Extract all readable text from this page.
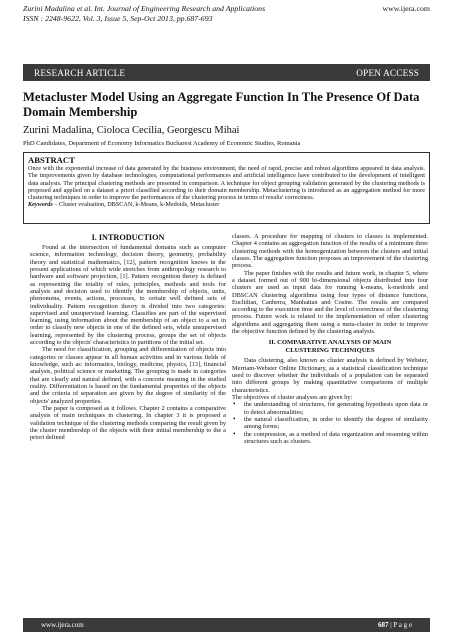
Zurini Madalina et al. Int. Journal of Engineering Research and Applications
ISSN : 2248-9622, Vol. 3, Issue 5, Sep-Oct 2013, pp.687-693
www.ijera.com
RESEARCH ARTICLE	OPEN ACCESS
Metacluster Model Using an Aggregate Function In The Presence Of Data Domain Membership
Zurini Madalina, Cioloca Cecilia, Georgescu Mihai
PhD Candidates, Department of Economy Informatics Bucharest Academy of Economic Studies, Romania
ABSTRACT

Once with the exponential increase of data generated by the business environment, the need of rapid, precise and robust algorithms appeared in data analysis. The improvements given by database technologies, computational performances and artificial intelligence have contributed to the development of intelligent data analysis. The principal clustering methods are presented in comparison. A technique for object grouping validation generated by the clustering methods is proposed and applied on a dataset a priori classified according to their domain membership. Metaclustering is introduced as an aggregation method for more clustering techniques in order to improve the performances of the clustering process in terms of results' correctness.

Keywords – Cluster evaluation, DBSCAN, k-Means, k-Medoids, Metacluster
I. INTRODUCTION

Found at the intersection of fundamental domains such as computer science, information technology, decision theory, geometry, probability theory and statistical mathematics, [12], pattern recognition knows in the present applications of which wide stretches from anthropology research to hardware and software projection, [1]. Pattern recognition theory is defined as representing the totality of rules, principles, methods and tools for analysis and decision used to identify the membership of objects, units, phenomena, events, actions, processes, to certain well defined sets of individuality. Pattern recognition theory is divided into two categories: supervised and unsupervised learning. Classifies are part of the supervised learning, using information about the membership of an object to a set in order to classify new objects in one of the defined sets, while unsupervised learning, represented by the clustering process, groups the set of objects according to the objects' characteristics in partitions of the initial set.

The need for classification, grouping and differentiation of objects into categories or classes appear in all human activities and in various fields of knowledge, such as: informatics, biology, medicine, physics, [13], financial analysis, political science or marketing. The grouping is made in categories that are clearly and natural defined, with a concrete meaning in the studied reality. Differentiation is based on the fundamental properties of the objects and the criteria of separation are given by the degree of similarity of the objects' analyzed properties.

The paper is composed as it follows. Chapter 2 contains a comparative analysis of main techniques in clustering. In chapter 3 it is proposed a validation technique of the clustering methods comparing the result given by the cluster membership of the objects with their initial membership to the a priori defined

classes. A procedure for mapping of clusters to classes is implemented. Chapter 4 contains an aggregation function of the results of a minimum three clustering methods with the homogenization between the clusters and initial classes. The aggregation function proposes an improvement of the clustering process.

The paper finishes with the results and future work, in chapter 5, where a dataset formed out of 900 bi-dimensional objects distributed into four clusters are used as input data for running k-means, k-medoids and DBSCAN clustering algorithms using four types of distance functions, Euclidian, Canberra, Manhattan and Cosine. The results are compared according to the execution time and the level of correctness of the clustering process. Future work is related to the implementation of other clustering algorithms and aggregating them using a meta-cluster in order to improve the objective function defined by the clustering analysis.

II. COMPARATIVE ANALYSIS OF MAIN
CLUSTERING TECHNIQUES

Data clustering, also known as cluster analysis is defined by Webster, Merriam-Webster Online Dictionary, as a statistical classification technique used to discover whether the individuals of a population can be separated into different groups by making quantitative comparisons of multiple characteristics.

The objectives of cluster analyses are given by:

• the understanding of structures, for generating hypothesis upon data or to detect abnormalities;
• the natural classification, in order to identify the degree of similarity among forms;
• the compression, as a method of data organization and resuming within structures such as clusters.
www.ijera.com	687 | P a g e
